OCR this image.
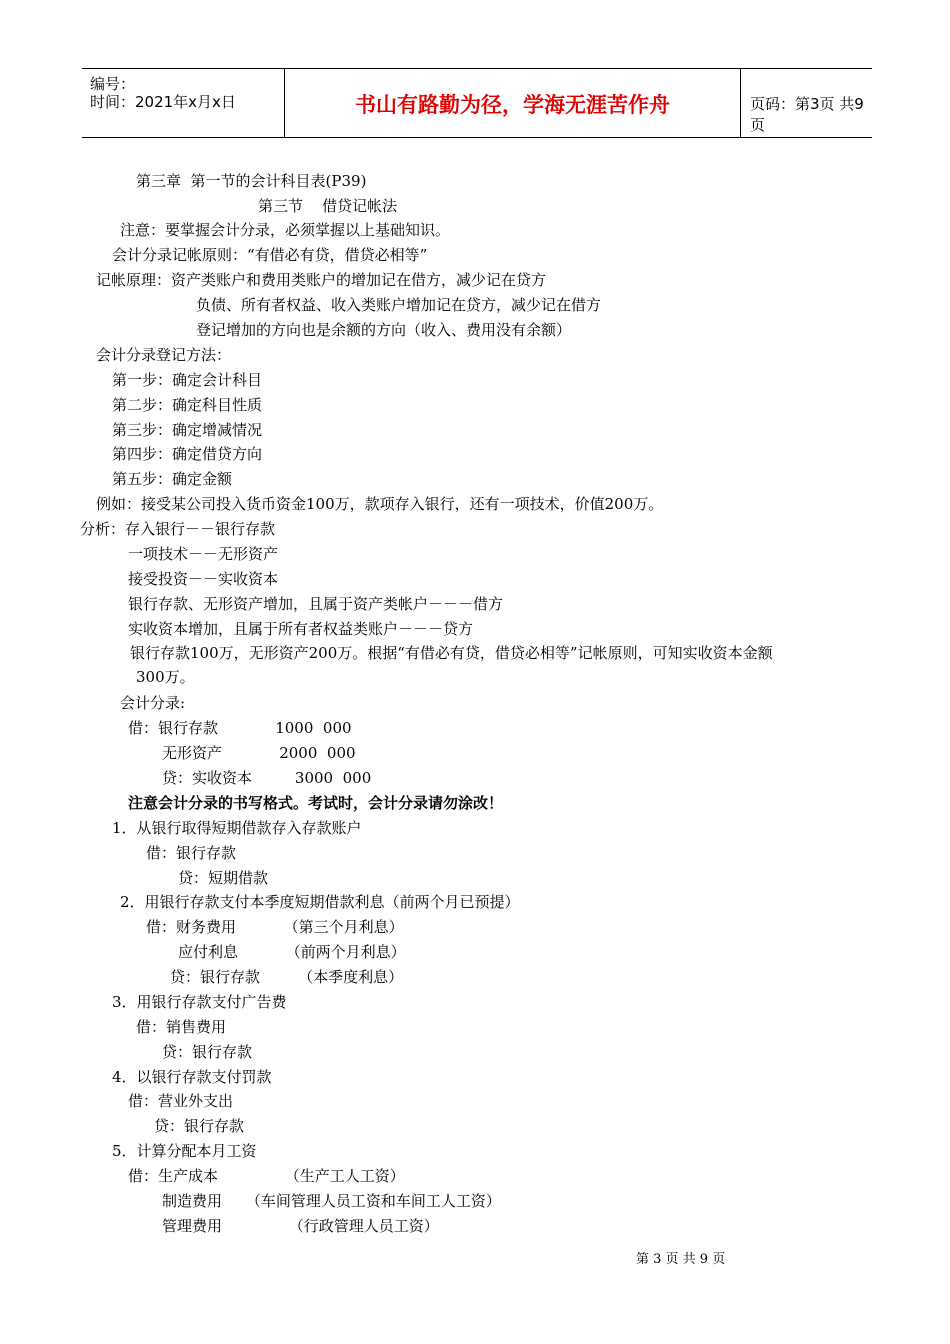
编号：
时间：2021年x月x日	书山有路勤为径，学海无涯苦作舟	页码：第3页 共9页
第三章  第一节的会计科目表(P39)
第三节    借贷记帐法
注意：要掌握会计分录，必须掌握以上基础知识。
会计分录记帐原则：“有借必有贷，借贷必相等”
记帐原理：资产类账户和费用类账户的增加记在借方，减少记在贷方
负债、所有者权益、收入类账户增加记在贷方，减少记在借方
登记增加的方向也是余额的方向（收入、费用没有余额）
会计分录登记方法：
第一步：确定会计科目
第二步：确定科目性质
第三步：确定增减情况
第四步：确定借贷方向
第五步：确定金额
例如：接受某公司投入货币资金100万，款项存入银行，还有一项技术，价值200万。
分析：存入银行－－银行存款
一项技术－－无形资产
接受投资－－实收资本
银行存款、无形资产增加，且属于资产类帐户－－－借方
实收资本增加，且属于所有者权益类账户－－－贷方
银行存款100万，无形资产200万。根据“有借必有贷，借贷必相等”记帐原则，可知实收资本金额
300万。
会计分录:
借：银行存款            1000  000
无形资产            2000  000
贷：实收资本         3000  000
注意会计分录的书写格式。考试时，会计分录请勿涂改！
1．从银行取得短期借款存入存款账户
借：银行存款
贷：短期借款
2．用银行存款支付本季度短期借款利息（前两个月已预提）
借：财务费用          （第三个月利息）
应付利息          （前两个月利息）
贷：银行存款        （本季度利息）
3．用银行存款支付广告费
借：销售费用
贷：银行存款
4．以银行存款支付罚款
借：营业外支出
贷：银行存款
5．计算分配本月工资
借：生产成本              （生产工人工资）
制造费用     （车间管理人员工资和车间工人工资）
管理费用              （行政管理人员工资）
第 3 页 共 9 页
